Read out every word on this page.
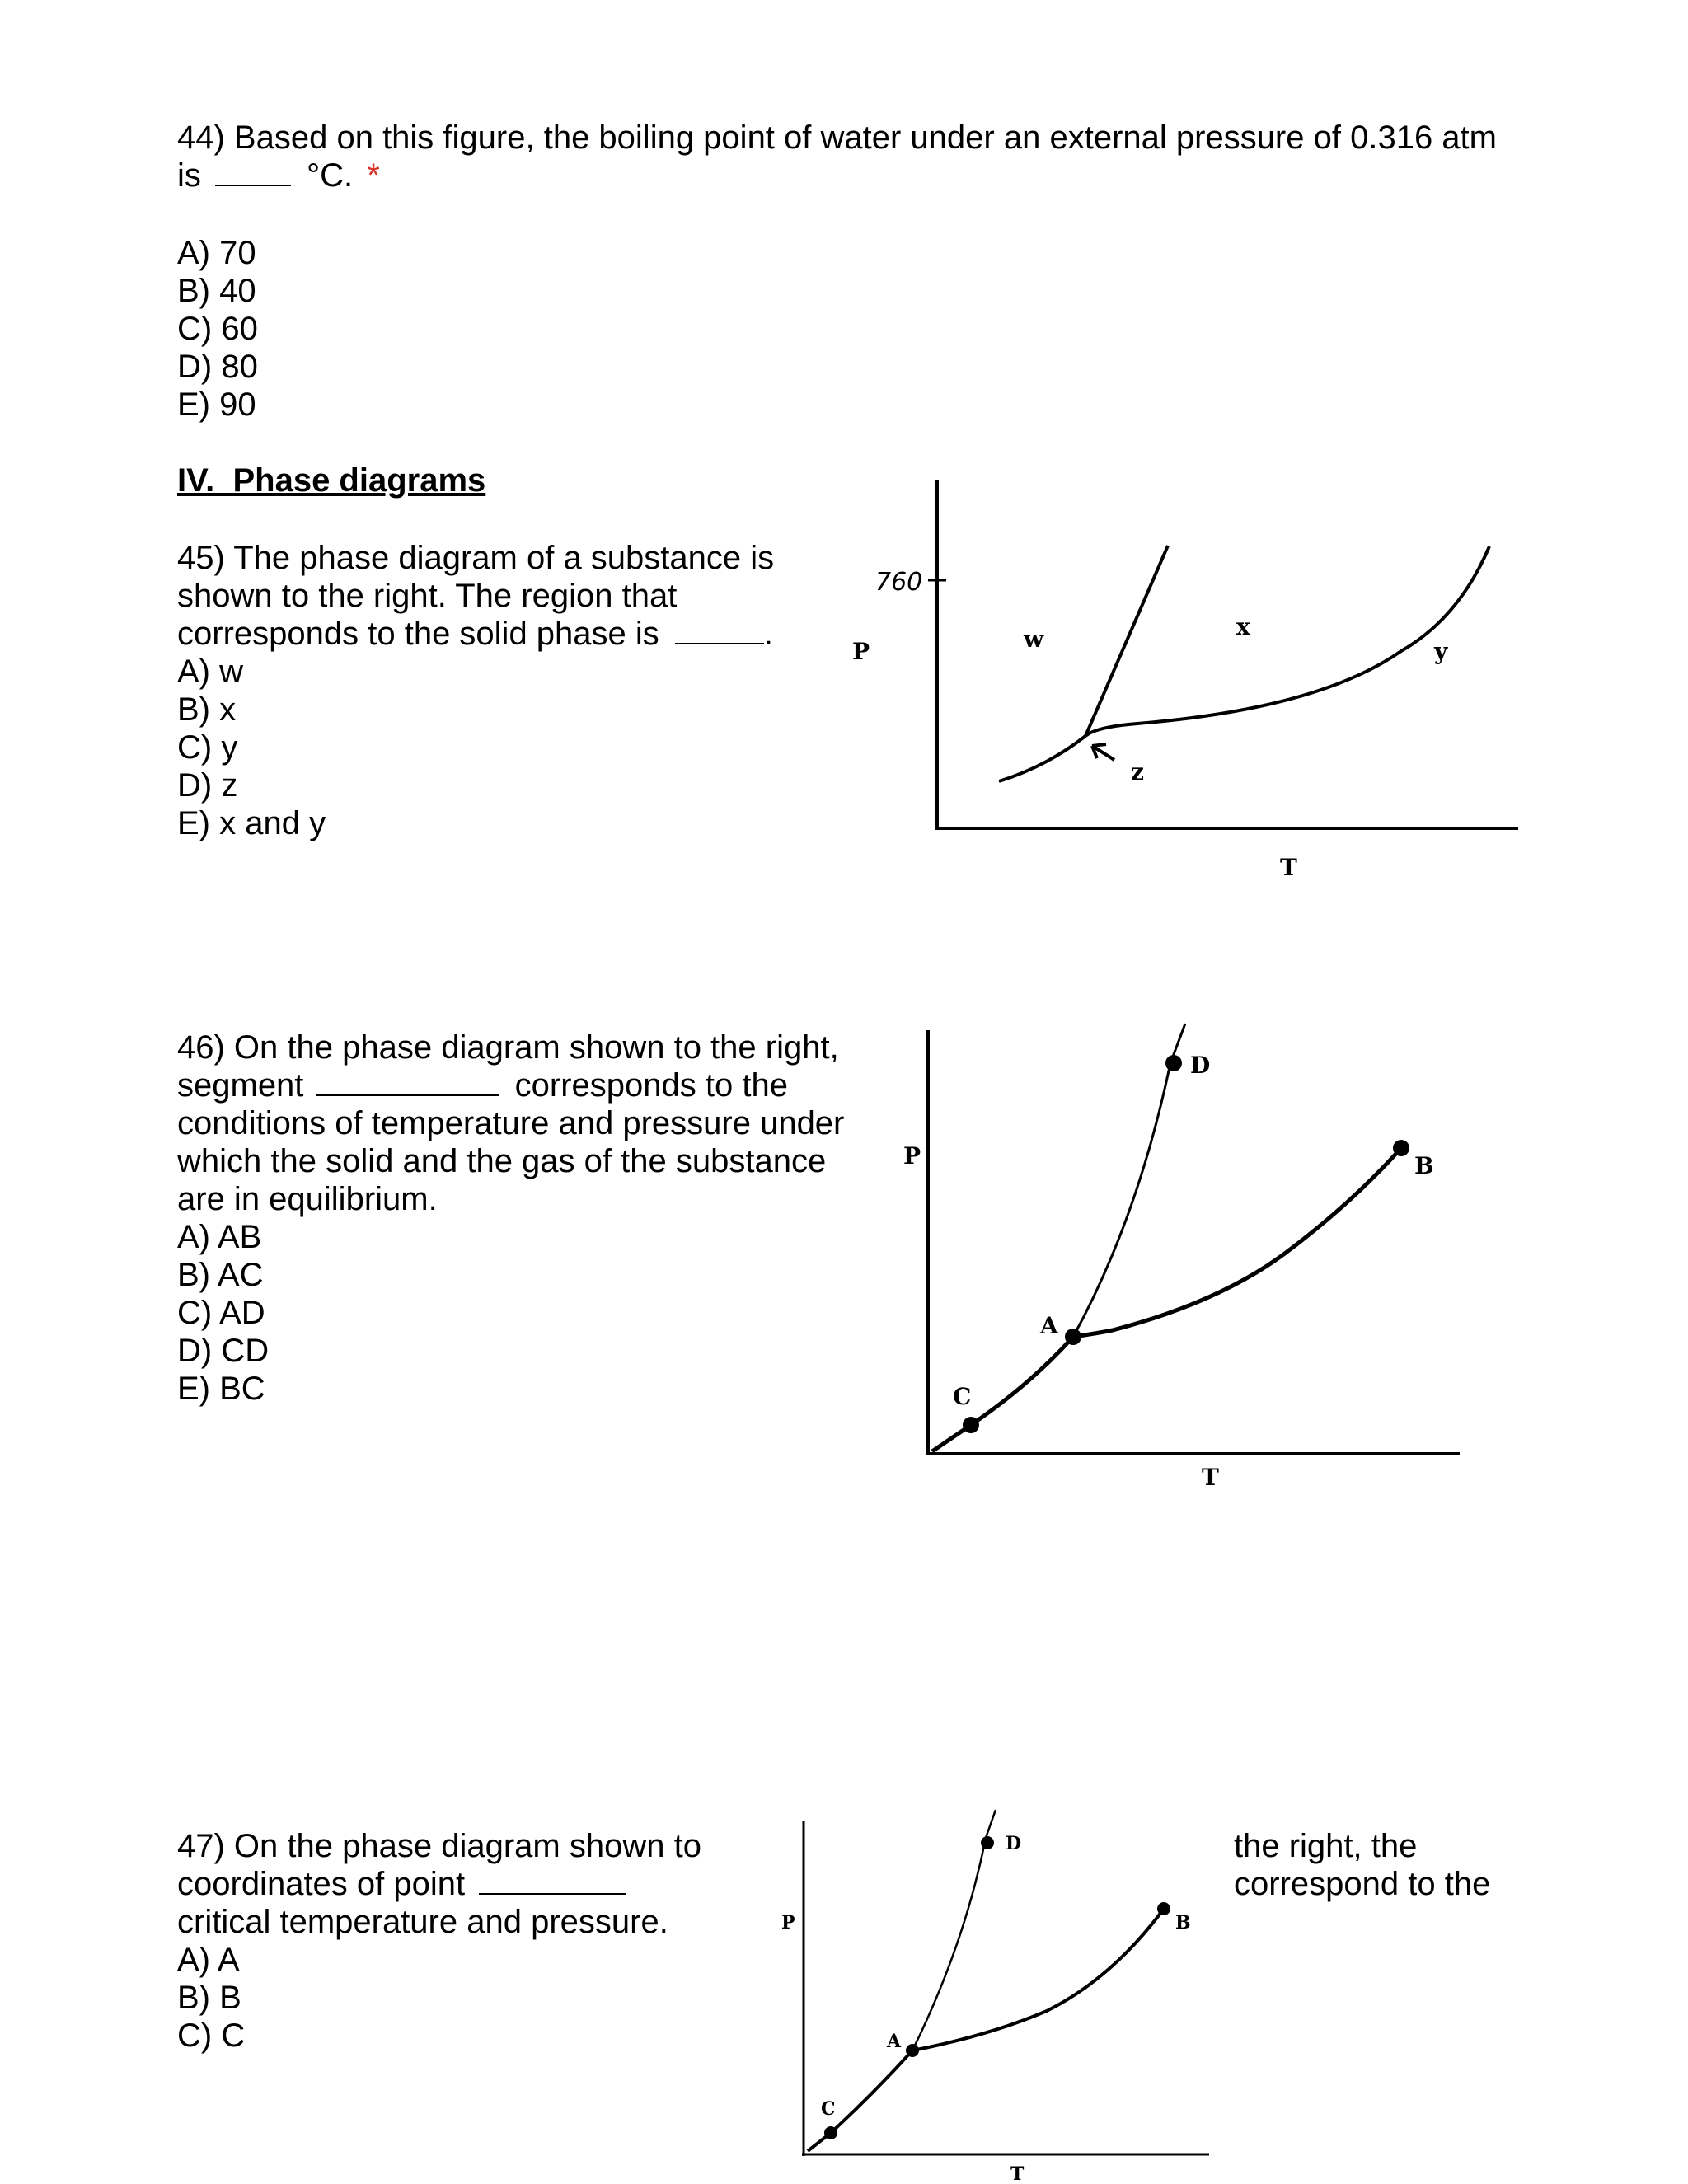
44) Based on this figure, the boiling point of water under an external pressure of 0.316 atm
is	°C. *
A) 70
B) 40
C) 60
D) 80
E) 90
IV.  Phase diagrams
45) The phase diagram of a substance is
shown to the right. The region that
corresponds to the solid phase is	.
A) w
B) x
C) y
D) z
E) x and y
760
P
T
w	x
y
z
46) On the phase diagram shown to the right,
segment	corresponds to the
conditions of temperature and pressure under
which the solid and the gas of the substance
are in equilibrium.
A) AB
B) AC
C) AD
D) CD
E) BC
P
T
A
B
C
D
47) On the phase diagram shown to
coordinates of point
critical temperature and pressure.
A) A
B) B
C) C
the right, the
correspond to the
P
T
A
B
C
D
